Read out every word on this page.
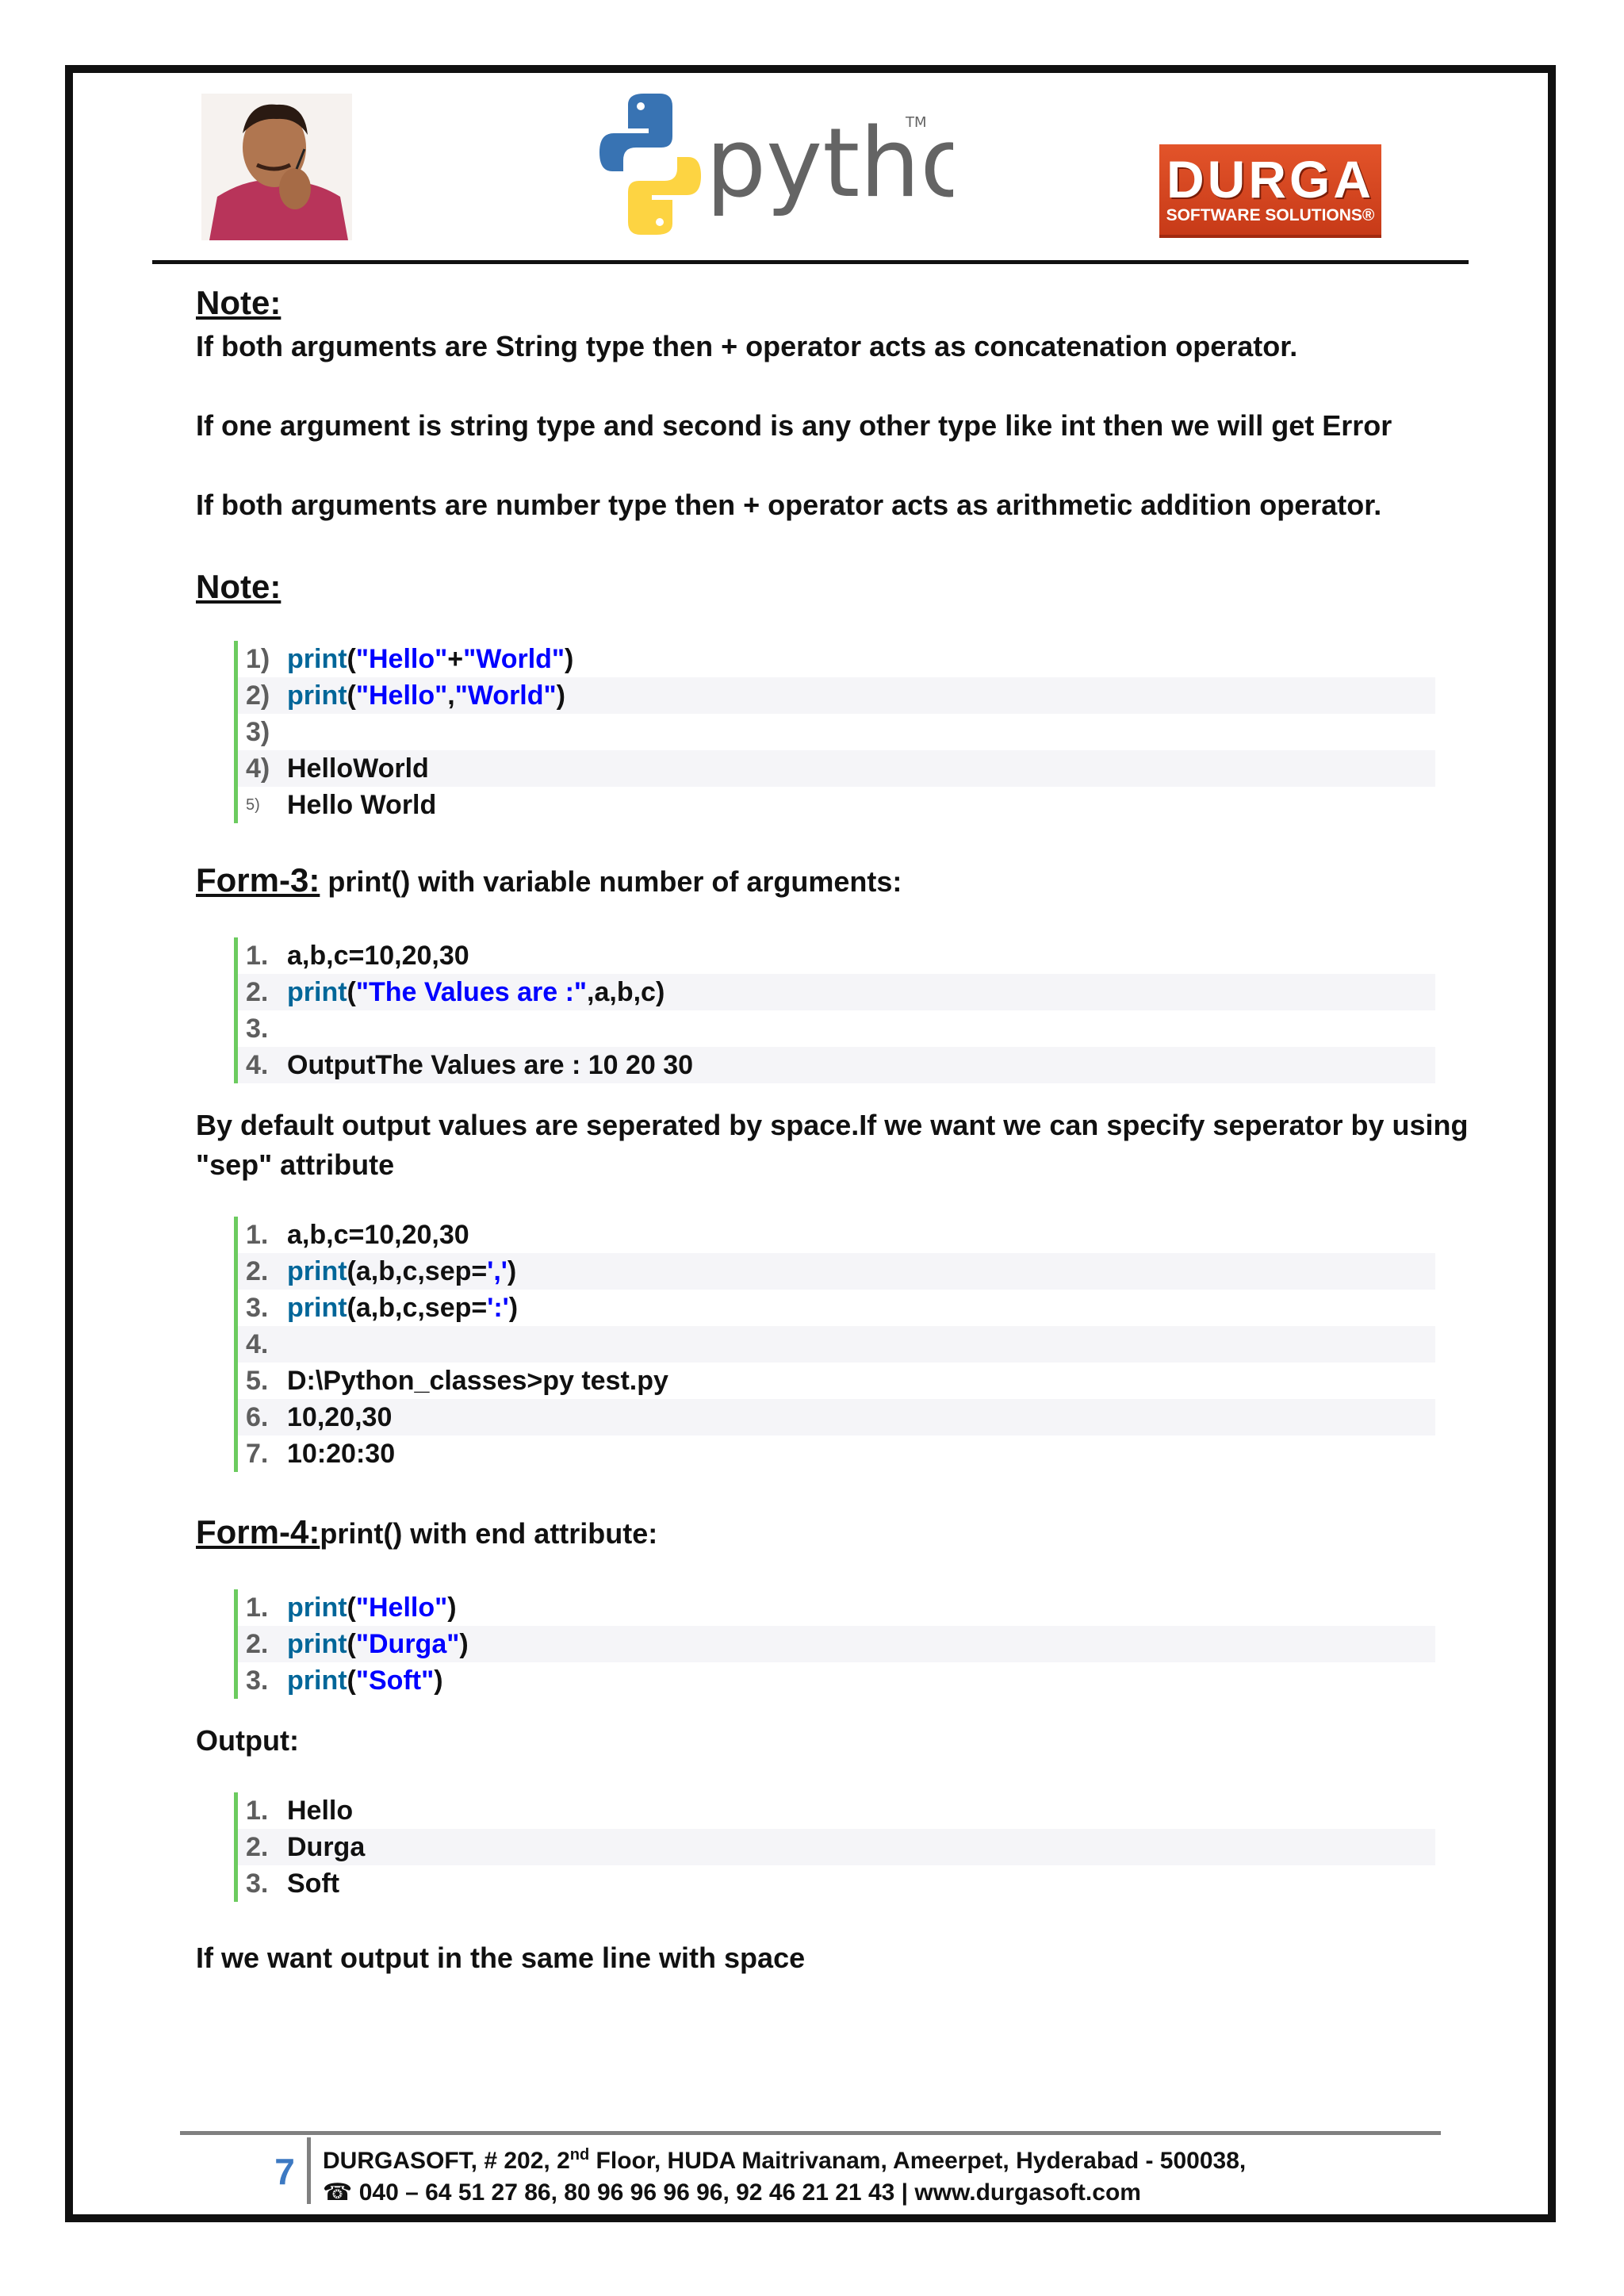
pytho
TM
DURGA
SOFTWARE SOLUTIONS®
Note:

If both arguments are String type then + operator acts as concatenation operator.

If one argument is string type and second is any other type like int then we will get Error

If both arguments are number type then + operator acts as arithmetic addition operator.

Note:
1) print ( "Hello" + "World" )
2) print ( "Hello" , "World" )
3)
4) HelloWorld
5)	Hello World
Form-3: print() with variable number of arguments:
1. a,b,c=10,20,30
2. print ( "The Values are :" ,a,b,c)
3.
4. OutputThe Values are : 10 20 30

By default output values are seperated by space.If we want we can specify seperator by using "sep" attribute

1. a,b,c=10,20,30
2. print (a,b,c,sep= ',' )
3. print (a,b,c,sep= ':' )
4.
5. D:\Python_classes>py test.py
6. 10,20,30
7. 10:20:30
Form-4:print() with end attribute:
1. print ( "Hello" )
2. print ( "Durga" )
3. print ( "Soft" )

Output:

1. Hello
2. Durga
3. Soft

If we want output in the same line with space

7	DURGASOFT, # 202, 2nd Floor, HUDA Maitrivanam, Ameerpet, Hyderabad - 500038,
☎ 040 – 64 51 27 86, 80 96 96 96 96, 92 46 21 21 43 | www.durgasoft.com
